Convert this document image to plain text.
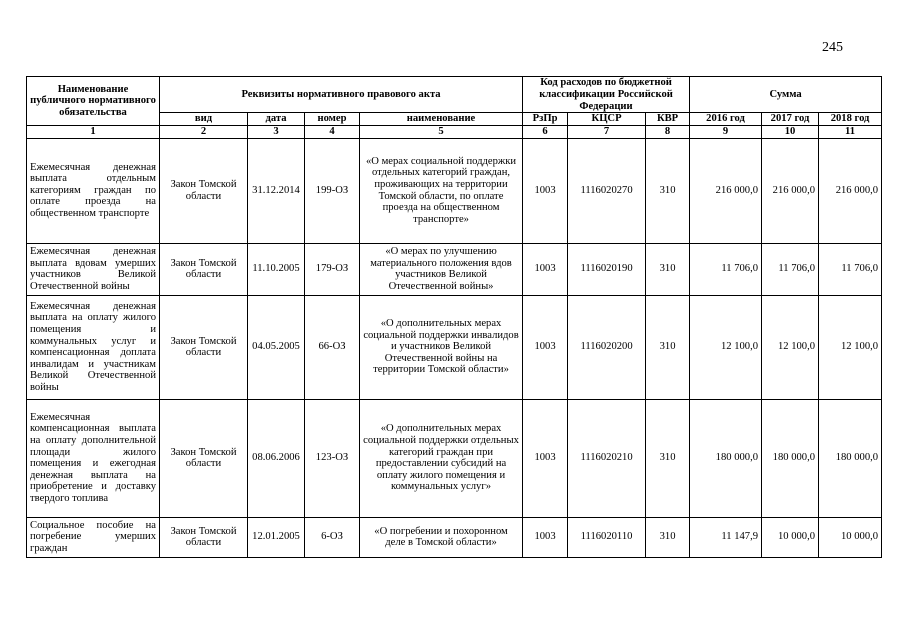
245
Наименование публичного нормативного обязательства	Реквизиты нормативного правового акта				Код расходов по бюджетной классификации Российской Федерации			Сумма		
	вид	дата	номер	наименование	РзПр	КЦСР	КВР	2016 год	2017 год	2018 год
1	2	3	4	5	6	7	8	9	10	11
Ежемесячная денежная выплата отдельным категориям граждан по оплате проезда на общественном транспорте	Закон Томской области	31.12.2014	199-ОЗ	«О мерах социальной поддержки отдельных категорий граждан, проживающих на территории Томской области, по оплате проезда на общественном транспорте»	1003	1116020270	310	216 000,0	216 000,0	216 000,0
Ежемесячная денежная выплата вдовам умерших участников Великой Отечественной войны	Закон Томской области	11.10.2005	179-ОЗ	«О мерах по улучшению материального положения вдов участников Великой Отечественной войны»	1003	1116020190	310	11 706,0	11 706,0	11 706,0
Ежемесячная денежная выплата на оплату жилого помещения и коммунальных услуг и компенсационная доплата инвалидам и участникам Великой Отечественной войны	Закон Томской области	04.05.2005	66-ОЗ	«О дополнительных мерах социальной поддержки инвалидов и участников Великой Отечественной войны на территории Томской области»	1003	1116020200	310	12 100,0	12 100,0	12 100,0
Ежемесячная компенсационная выплата на оплату дополнительной площади жилого помещения и ежегодная денежная выплата на приобретение и доставку твердого топлива	Закон Томской области	08.06.2006	123-ОЗ	«О дополнительных мерах социальной поддержки отдельных категорий граждан при предоставлении субсидий на оплату жилого помещения и коммунальных услуг»	1003	1116020210	310	180 000,0	180 000,0	180 000,0
Социальное пособие на погребение умерших граждан	Закон Томской области	12.01.2005	6-ОЗ	«О погребении и похоронном деле в Томской области»	1003	1116020110	310	11 147,9	10 000,0	10 000,0
